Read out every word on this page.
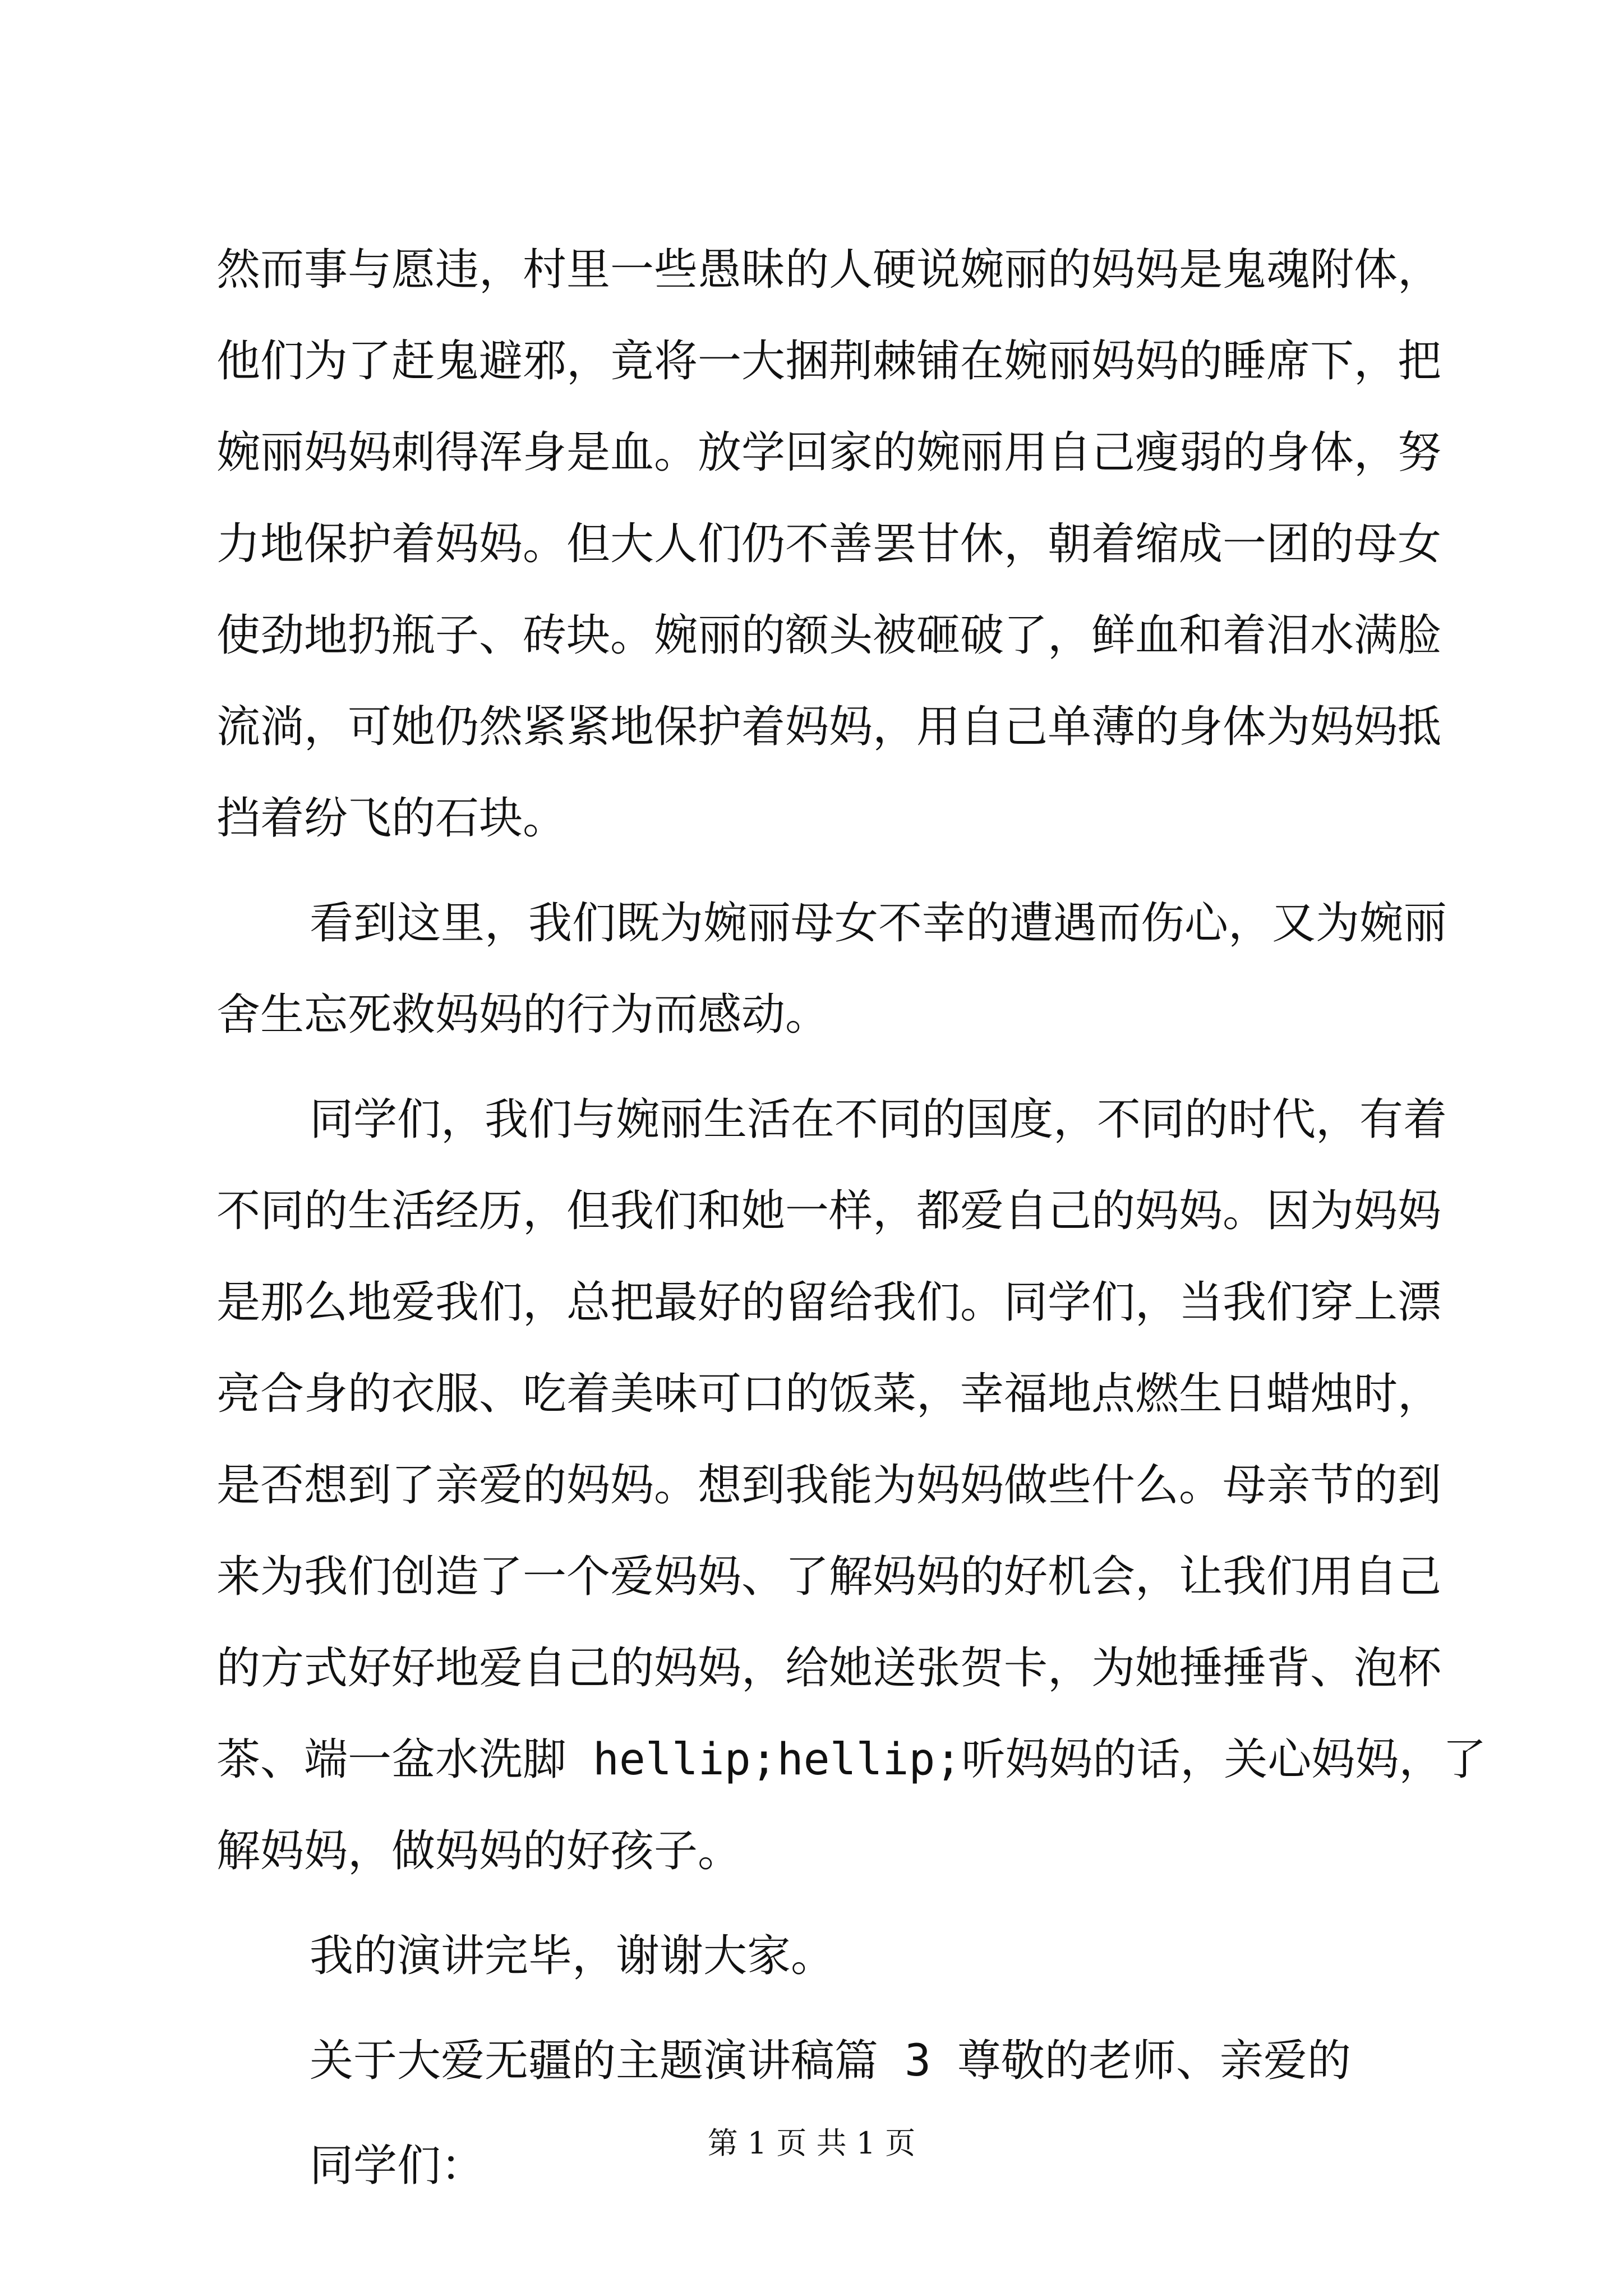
然而事与愿违，村里一些愚昧的人硬说婉丽的妈妈是鬼魂附体，
他们为了赶鬼避邪，竟将一大捆荆棘铺在婉丽妈妈的睡席下，把
婉丽妈妈刺得浑身是血。放学回家的婉丽用自己瘦弱的身体，努
力地保护着妈妈。但大人们仍不善罢甘休，朝着缩成一团的母女
使劲地扔瓶子、砖块。婉丽的额头被砸破了，鲜血和着泪水满脸
流淌，可她仍然紧紧地保护着妈妈，用自己单薄的身体为妈妈抵
挡着纷飞的石块。
看到这里，我们既为婉丽母女不幸的遭遇而伤心，又为婉丽
舍生忘死救妈妈的行为而感动。
同学们，我们与婉丽生活在不同的国度，不同的时代，有着
不同的生活经历，但我们和她一样，都爱自己的妈妈。因为妈妈
是那么地爱我们，总把最好的留给我们。同学们，当我们穿上漂
亮合身的衣服、吃着美味可口的饭菜，幸福地点燃生日蜡烛时，
是否想到了亲爱的妈妈。想到我能为妈妈做些什么。母亲节的到
来为我们创造了一个爱妈妈、了解妈妈的好机会，让我们用自己
的方式好好地爱自己的妈妈，给她送张贺卡，为她捶捶背、泡杯
茶、端一盆水洗脚 hellip;hellip;听妈妈的话，关心妈妈，了
解妈妈，做妈妈的好孩子。
我的演讲完毕，谢谢大家。
关于大爱无疆的主题演讲稿篇 3 尊敬的老师、亲爱的
同学们：	第 1 页 共 1 页
